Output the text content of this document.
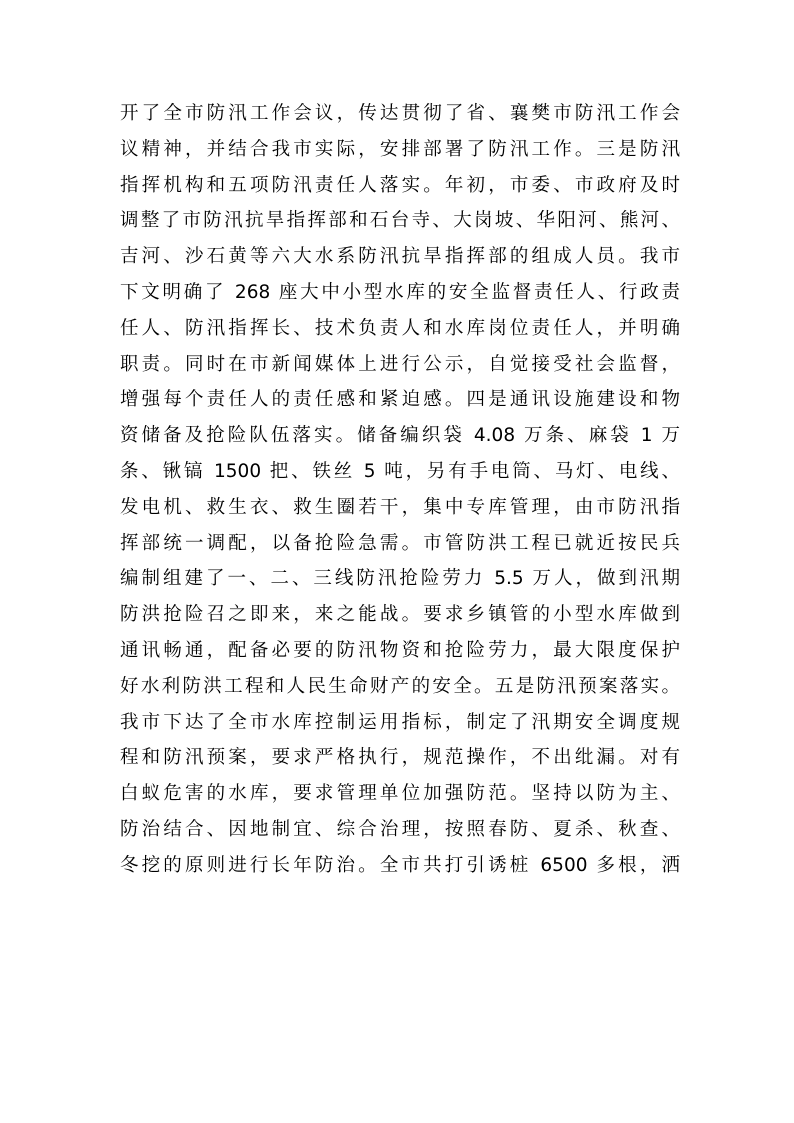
开了全市防汛工作会议，传达贯彻了省、襄樊市防汛工作会
议精神，并结合我市实际，安排部署了防汛工作。三是防汛
指挥机构和五项防汛责任人落实。年初，市委、市政府及时
调整了市防汛抗旱指挥部和石台寺、大岗坡、华阳河、熊河、
吉河、沙石黄等六大水系防汛抗旱指挥部的组成人员。我市
下文明确了 268 座大中小型水库的安全监督责任人、行政责
任人、防汛指挥长、技术负责人和水库岗位责任人，并明确
职责。同时在市新闻媒体上进行公示，自觉接受社会监督，
增强每个责任人的责任感和紧迫感。四是通讯设施建设和物
资储备及抢险队伍落实。储备编织袋 4.08 万条、麻袋 1 万
条、锹镐 1500 把、铁丝 5 吨，另有手电筒、马灯、电线、
发电机、救生衣、救生圈若干，集中专库管理，由市防汛指
挥部统一调配，以备抢险急需。市管防洪工程已就近按民兵
编制组建了一、二、三线防汛抢险劳力 5.5 万人，做到汛期
防洪抢险召之即来，来之能战。要求乡镇管的小型水库做到
通讯畅通，配备必要的防汛物资和抢险劳力，最大限度保护
好水利防洪工程和人民生命财产的安全。五是防汛预案落实。
我市下达了全市水库控制运用指标，制定了汛期安全调度规
程和防汛预案，要求严格执行，规范操作，不出纰漏。对有
白蚁危害的水库，要求管理单位加强防范。坚持以防为主、
防治结合、因地制宜、综合治理，按照春防、夏杀、秋查、
冬挖的原则进行长年防治。全市共打引诱桩 6500 多根，洒
